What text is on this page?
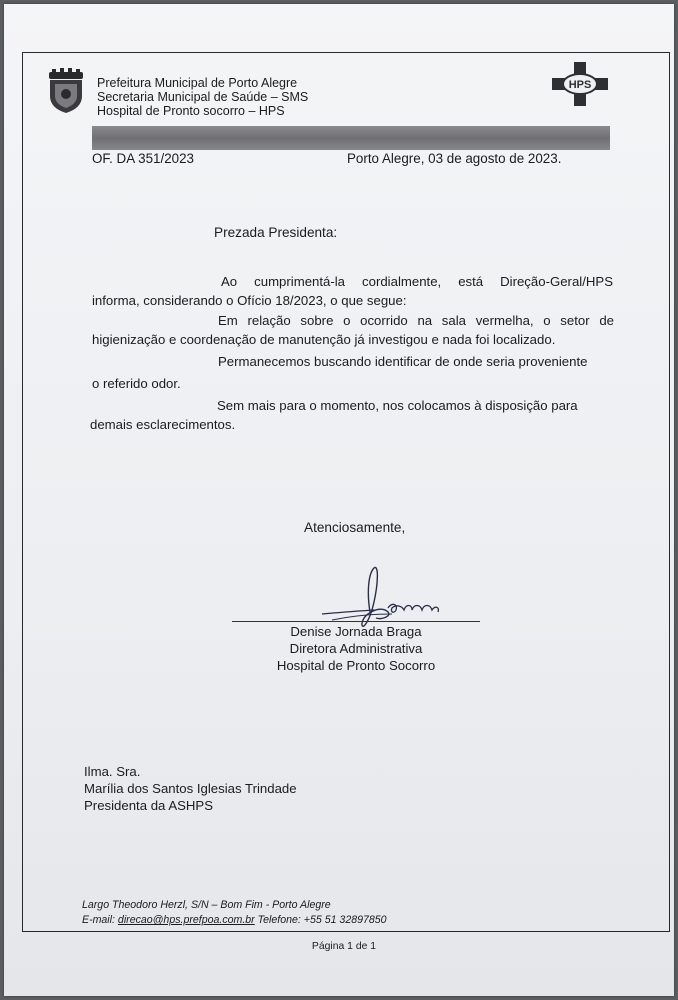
Prefeitura Municipal de Porto Alegre
Secretaria Municipal de Saúde – SMS
Hospital de Pronto socorro – HPS
HPS
OF. DA 351/2023	Porto Alegre, 03 de agosto de 2023.
Prezada Presidenta:
Ao cumprimentá-la cordialmente, está Direção-Geral/HPS
informa, considerando o Ofício 18/2023, o que segue:
Em relação sobre o ocorrido na sala vermelha, o setor de
higienização e coordenação de manutenção já investigou e nada foi localizado.
Permanecemos buscando identificar de onde seria proveniente
o referido odor.
Sem mais para o momento, nos colocamos à disposição para
demais esclarecimentos.
Atenciosamente,
Denise Jornada Braga
Diretora Administrativa
Hospital de Pronto Socorro
Ilma. Sra.
Marília dos Santos Iglesias Trindade
Presidenta da ASHPS
Largo Theodoro Herzl, S/N – Bom Fim - Porto Alegre
E-mail: direcao@hps.prefpoa.com.br Telefone: +55 51 32897850
Página 1 de 1
